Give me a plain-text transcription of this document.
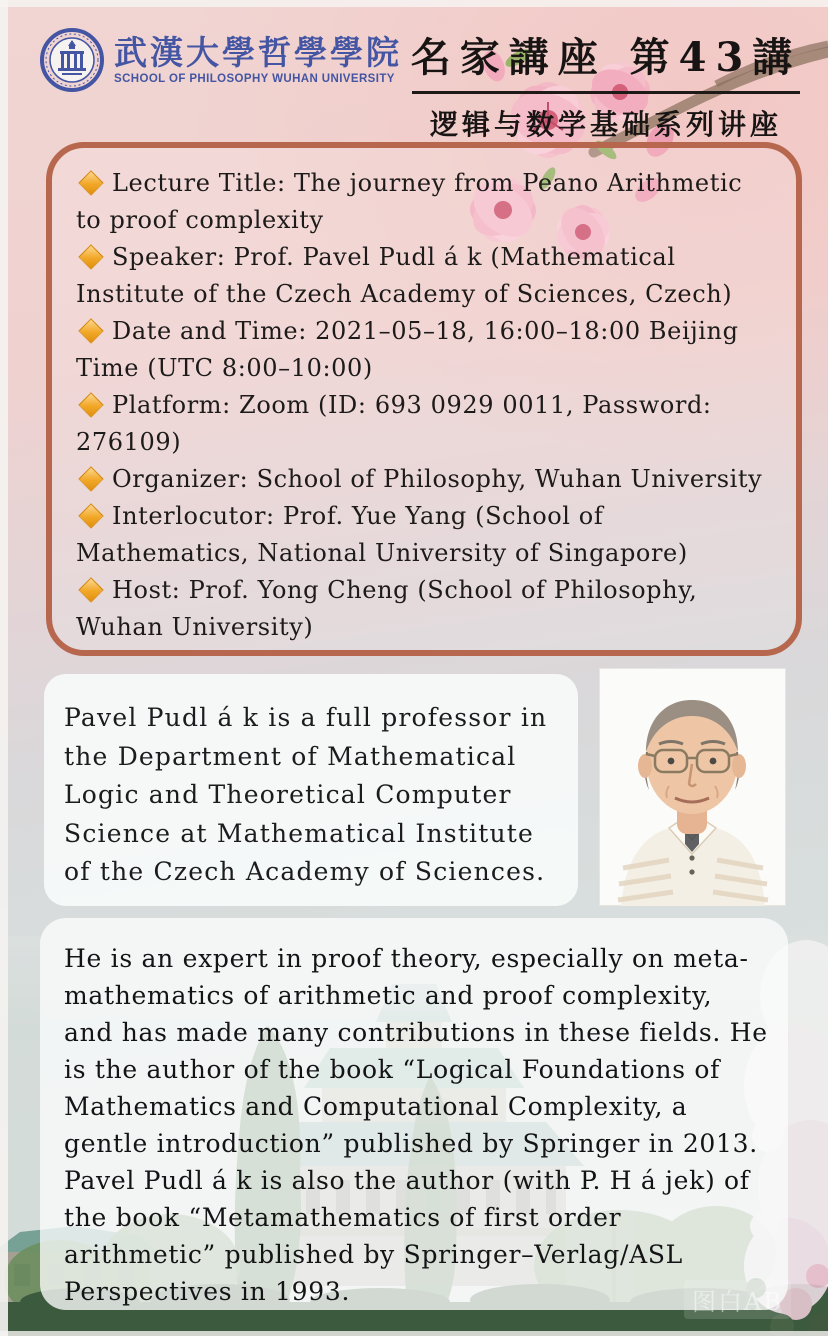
武漢大學哲學學院
SCHOOL OF PHILOSOPHY WUHAN UNIVERSITY 名家講座 第43講
逻辑与数学基础系列讲座

Lecture Title: The journey from Peano Arithmetic to proof complexity

Speaker: Prof. Pavel Pudl á k (Mathematical Institute of the Czech Academy of Sciences, Czech)

Date and Time: 2021–05–18, 16:00–18:00 Beijing Time (UTC 8:00–10:00)

Platform: Zoom (ID: 693 0929 0011, Password: 276109)

Organizer: School of Philosophy, Wuhan University

Interlocutor: Prof. Yue Yang (School of Mathematics, National University of Singapore)

Host: Prof. Yong Cheng (School of Philosophy, Wuhan University)

Pavel Pudl á k is a full professor in the Department of Mathematical Logic and Theoretical Computer Science at Mathematical Institute of the Czech Academy of Sciences.

He is an expert in proof theory, especially on meta-mathematics of arithmetic and proof complexity, and has made many contributions in these fields. He is the author of the book “Logical Foundations of Mathematics and Computational Complexity, a gentle introduction” published by Springer in 2013. Pavel Pudl á k is also the author (with P. H á jek) of the book “Metamathematics of first order arithmetic” published by Springer–Verlag/ASL Perspectives in 1993.	图白AB
